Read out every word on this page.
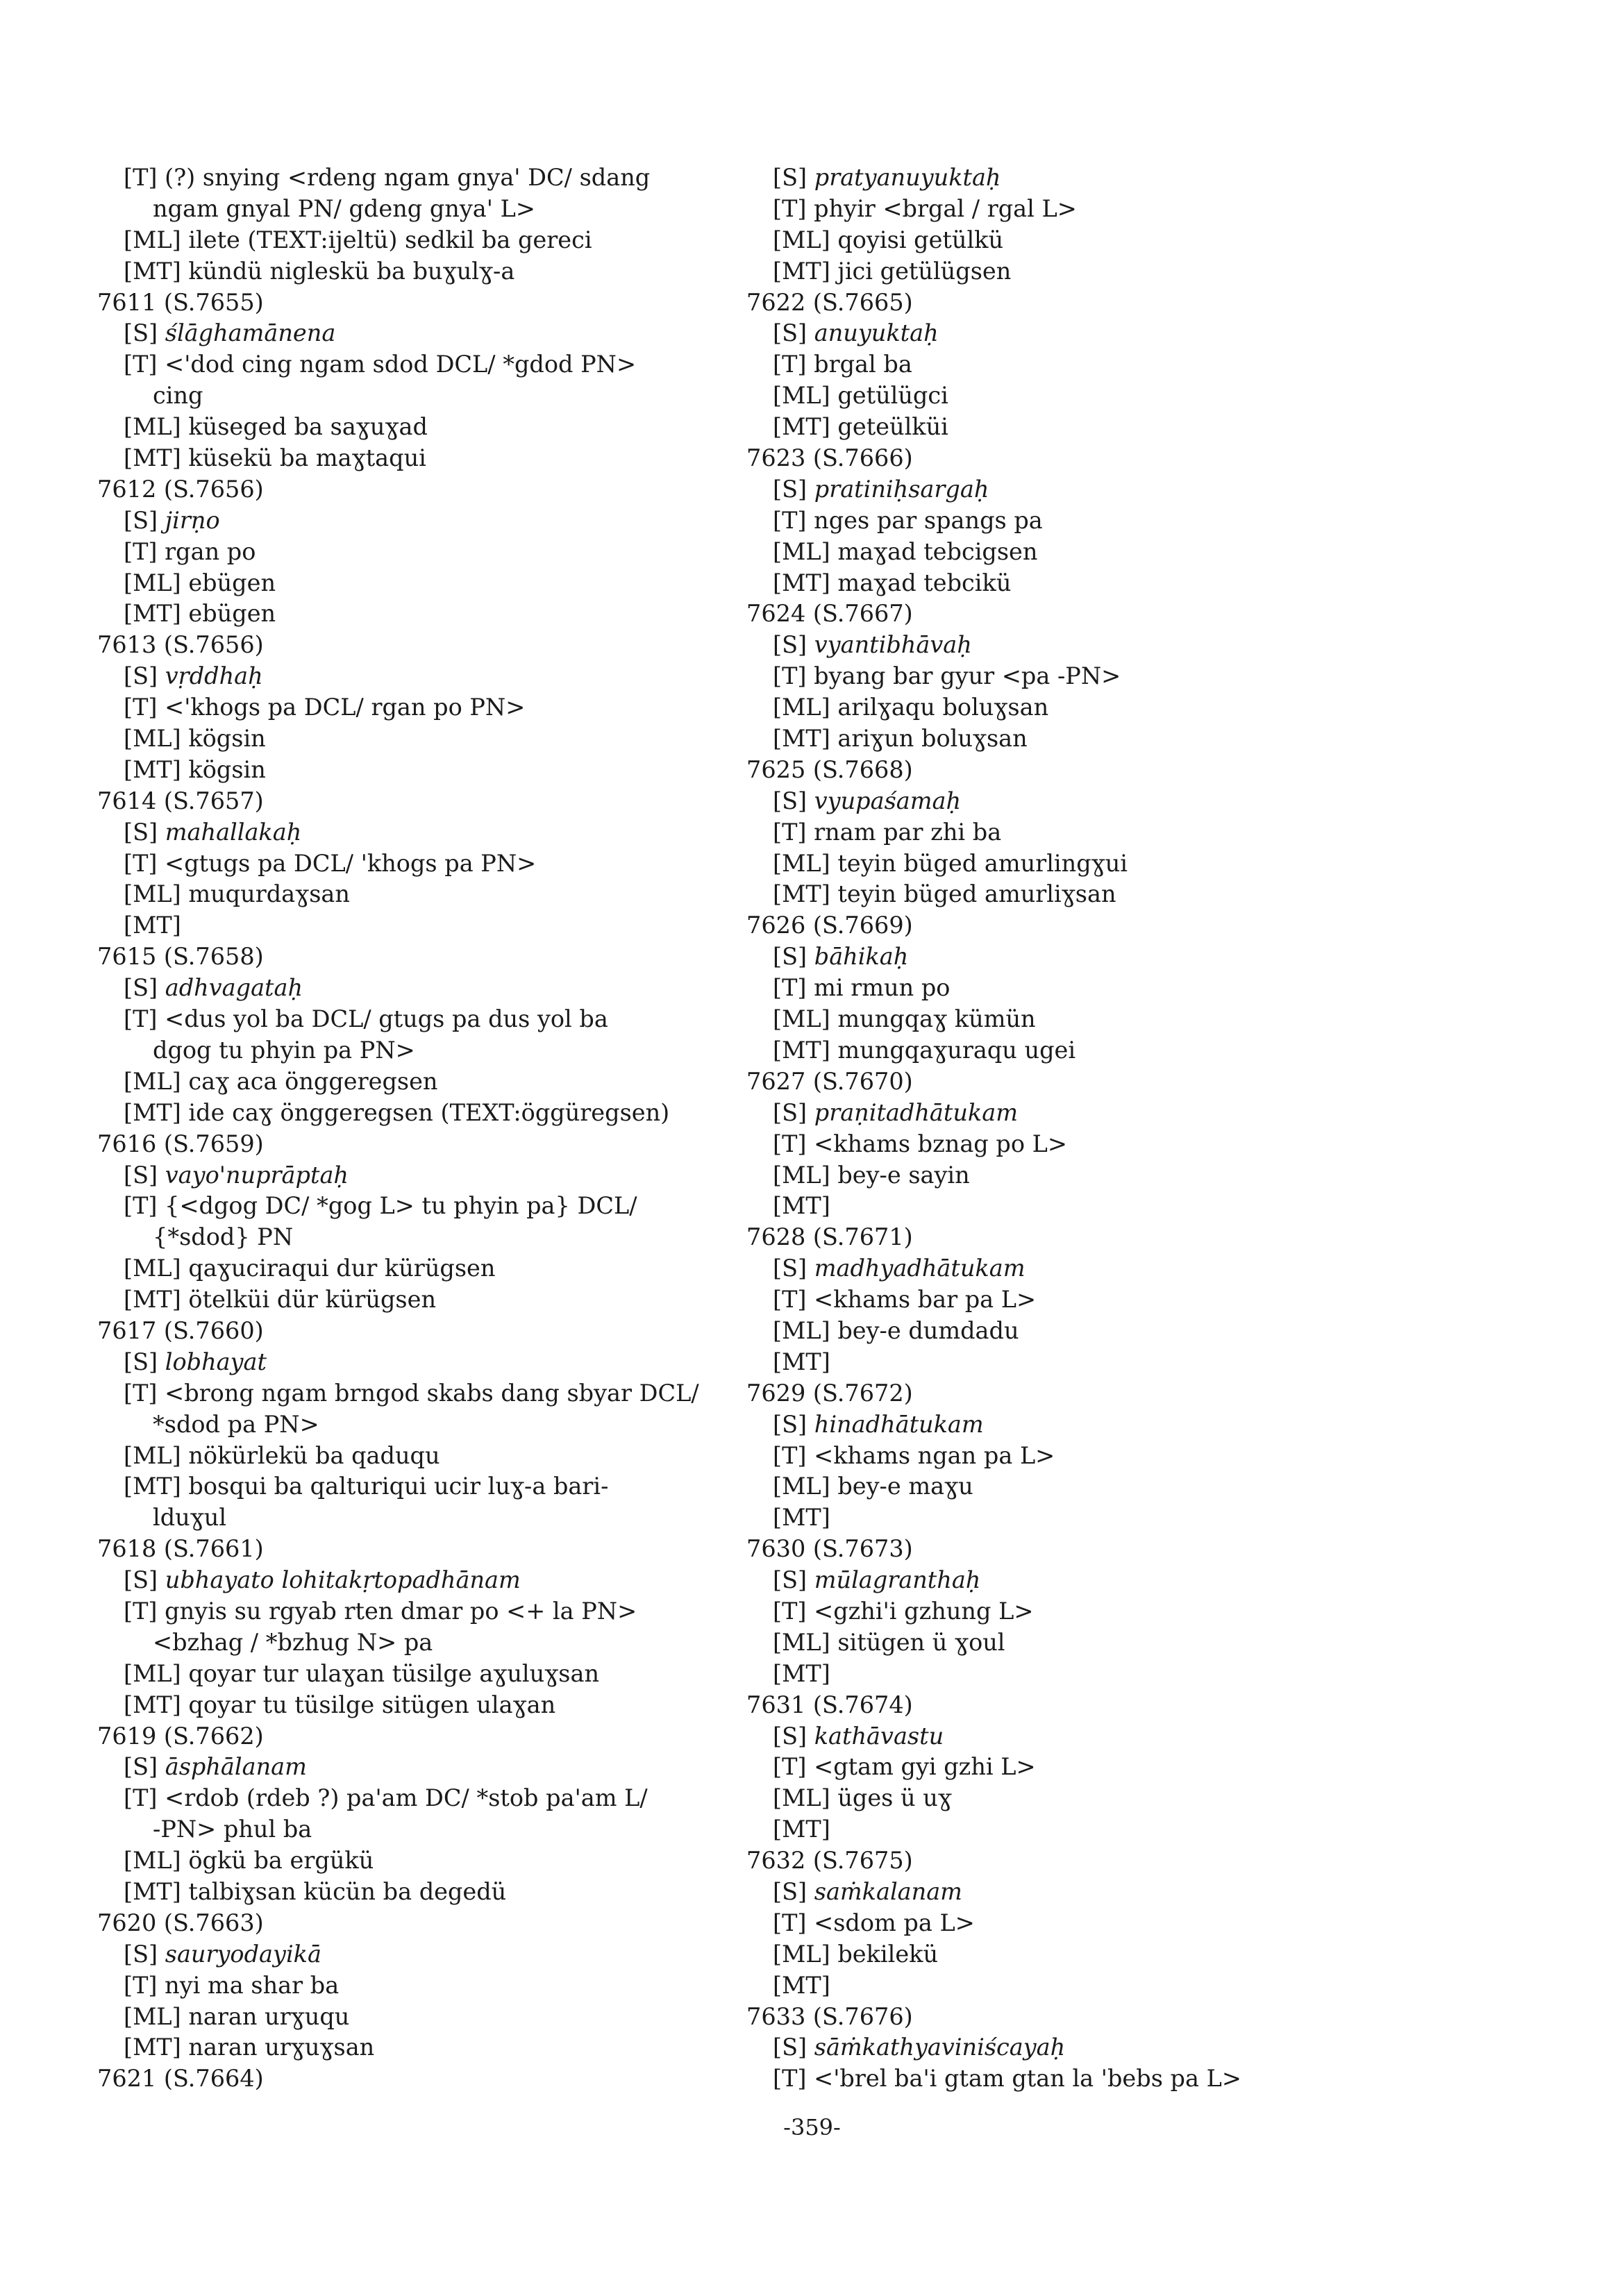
[T] (?) snying <rdeng ngam gnya' DC/ sdang
ngam gnyal PN/ gdeng gnya' L>
[ML] ilete (TEXT:ijeltü) sedkil ba gereci
[MT] kündü nigleskü ba buɣulɣ-a
7611 (S.7655)
[S] ślāghamānena
[T] <'dod cing ngam sdod DCL/ *gdod PN>
cing
[ML] küseged ba saɣuɣad
[MT] küsekü ba maɣtaqui
7612 (S.7656)
[S] jirṇo
[T] rgan po
[ML] ebügen
[MT] ebügen
7613 (S.7656)
[S] vṛddhaḥ
[T] <'khogs pa DCL/ rgan po PN>
[ML] kögsin
[MT] kögsin
7614 (S.7657)
[S] mahallakaḥ
[T] <gtugs pa DCL/ 'khogs pa PN>
[ML] muqurdaɣsan
[MT]
7615 (S.7658)
[S] adhvagataḥ
[T] <dus yol ba DCL/ gtugs pa dus yol ba
dgog tu phyin pa PN>
[ML] caɣ aca önggeregsen
[MT] ide caɣ önggeregsen (TEXT:öggüregsen)
7616 (S.7659)
[S] vayo'nuprāptaḥ
[T] {<dgog DC/ *gog L> tu phyin pa} DCL/
{*sdod} PN
[ML] qaɣuciraqui dur kürügsen
[MT] ötelküi dür kürügsen
7617 (S.7660)
[S] lobhayat
[T] <brong ngam brngod skabs dang sbyar DCL/
*sdod pa PN>
[ML] nökürlekü ba qaduqu
[MT] bosqui ba qalturiqui ucir luɣ-a bari-
lduɣul
7618 (S.7661)
[S] ubhayato lohitakṛtopadhānam
[T] gnyis su rgyab rten dmar po <+ la PN>
<bzhag / *bzhug N> pa
[ML] qoyar tur ulaɣan tüsilge aɣuluɣsan
[MT] qoyar tu tüsilge sitügen ulaɣan
7619 (S.7662)
[S] āsphālanam
[T] <rdob (rdeb ?) pa'am DC/ *stob pa'am L/
-PN> phul ba
[ML] ögkü ba ergükü
[MT] talbiɣsan kücün ba degedü
7620 (S.7663)
[S] sauryodayikā
[T] nyi ma shar ba
[ML] naran urɣuqu
[MT] naran urɣuɣsan
7621 (S.7664)
[S] pratyanuyuktaḥ
[T] phyir <brgal / rgal L>
[ML] qoyisi getülkü
[MT] jici getülügsen
7622 (S.7665)
[S] anuyuktaḥ
[T] brgal ba
[ML] getülügci
[MT] geteülküi
7623 (S.7666)
[S] pratiniḥsargaḥ
[T] nges par spangs pa
[ML] maɣad tebcigsen
[MT] maɣad tebcikü
7624 (S.7667)
[S] vyantibhāvaḥ
[T] byang bar gyur <pa -PN>
[ML] arilɣaqu boluɣsan
[MT] ariɣun boluɣsan
7625 (S.7668)
[S] vyupaśamaḥ
[T] rnam par zhi ba
[ML] teyin büged amurlingɣui
[MT] teyin büged amurliɣsan
7626 (S.7669)
[S] bāhikaḥ
[T] mi rmun po
[ML] mungqaɣ kümün
[MT] mungqaɣuraqu ugei
7627 (S.7670)
[S] praṇitadhātukam
[T] <khams bznag po L>
[ML] bey-e sayin
[MT]
7628 (S.7671)
[S] madhyadhātukam
[T] <khams bar pa L>
[ML] bey-e dumdadu
[MT]
7629 (S.7672)
[S] hinadhātukam
[T] <khams ngan pa L>
[ML] bey-e maɣu
[MT]
7630 (S.7673)
[S] mūlagranthaḥ
[T] <gzhi'i gzhung L>
[ML] sitügen ü ɣoul
[MT]
7631 (S.7674)
[S] kathāvastu
[T] <gtam gyi gzhi L>
[ML] üges ü uɣ
[MT]
7632 (S.7675)
[S] saṁkalanam
[T] <sdom pa L>
[ML] bekilekü
[MT]
7633 (S.7676)
[S] sāṁkathyaviniścayaḥ
[T] <'brel ba'i gtam gtan la 'bebs pa L>
-359-
